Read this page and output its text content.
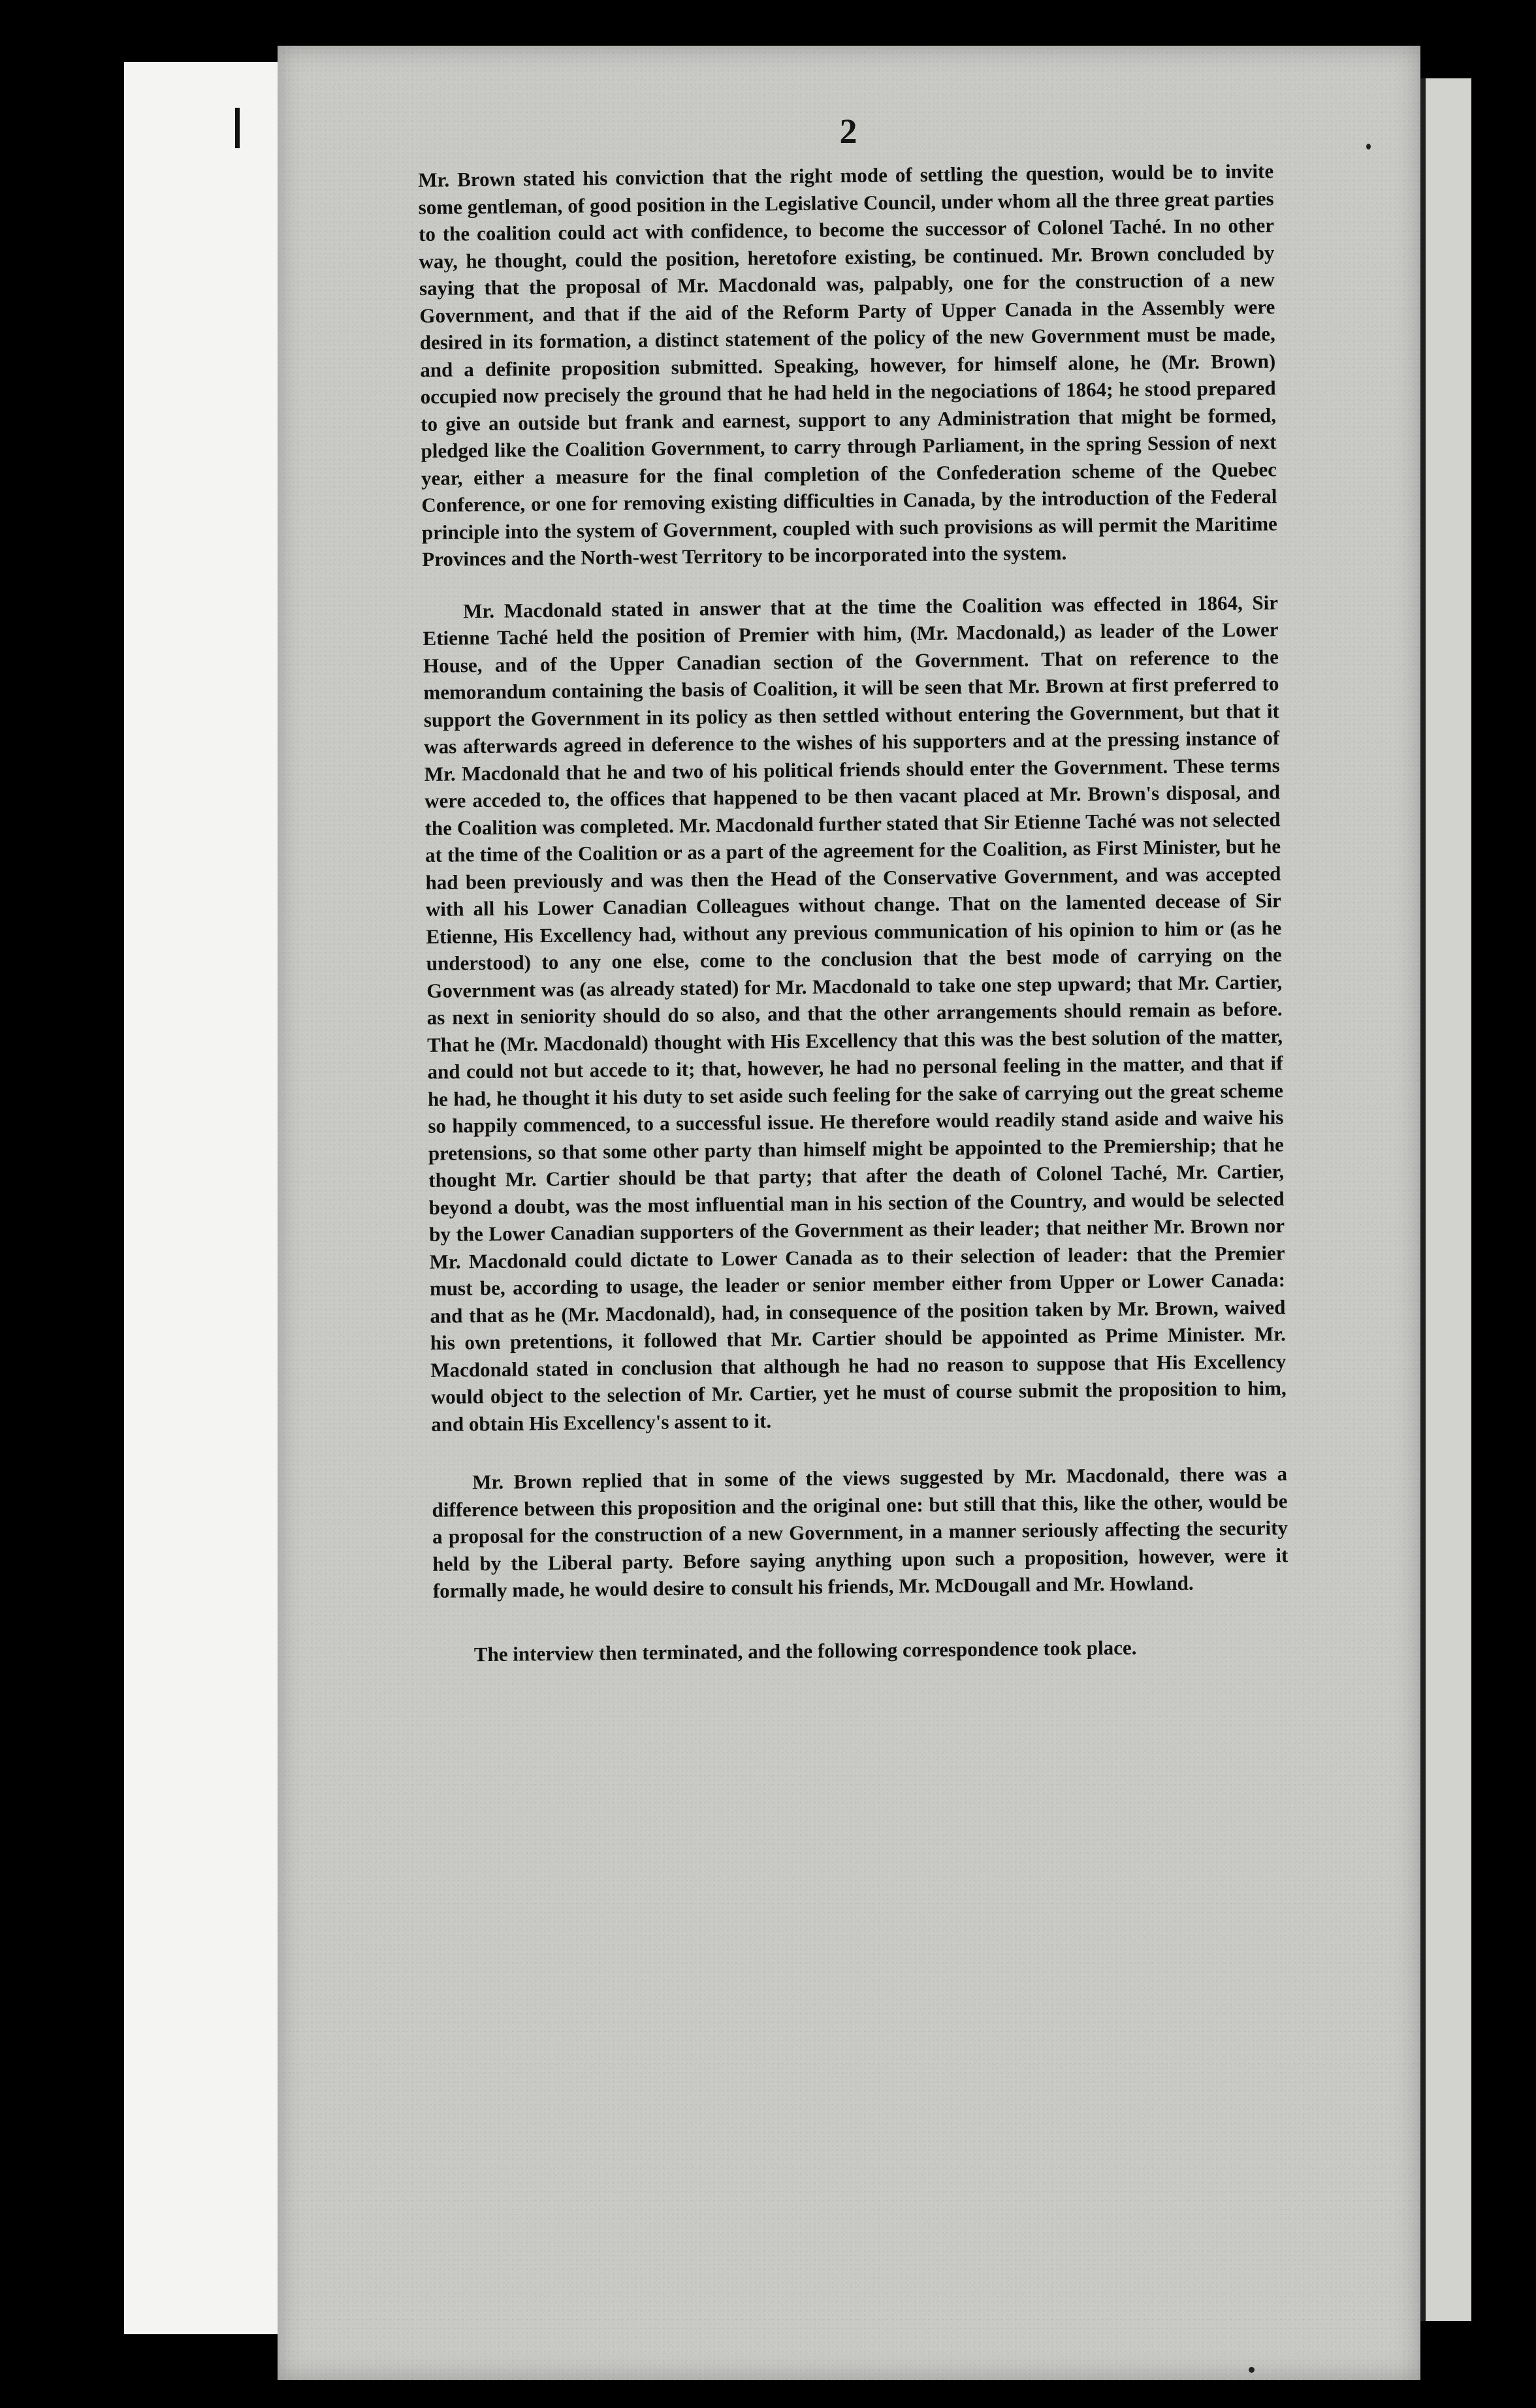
2

Mr. Brown stated his conviction that the right mode of settling the question, would be to invite some gentleman, of good position in the Legislative Council, under whom all the three great parties to the coalition could act with confidence, to become the successor of Colonel Taché. In no other way, he thought, could the position, heretofore existing, be continued. Mr. Brown concluded by saying that the proposal of Mr. Macdonald was, palpably, one for the construction of a new Government, and that if the aid of the Reform Party of Upper Canada in the Assembly were desired in its formation, a distinct statement of the policy of the new Government must be made, and a definite proposition submitted. Speaking, however, for himself alone, he (Mr. Brown) occupied now precisely the ground that he had held in the negociations of 1864; he stood prepared to give an outside but frank and earnest, support to any Administration that might be formed, pledged like the Coalition Government, to carry through Parliament, in the spring Session of next year, either a measure for the final completion of the Confederation scheme of the Quebec Conference, or one for removing existing difficulties in Canada, by the introduction of the Federal principle into the system of Government, coupled with such provisions as will permit the Maritime Provinces and the North-west Territory to be incorporated into the system.

Mr. Macdonald stated in answer that at the time the Coalition was effected in 1864, Sir Etienne Taché held the position of Premier with him, (Mr. Macdonald,) as leader of the Lower House, and of the Upper Canadian section of the Government. That on reference to the memorandum containing the basis of Coalition, it will be seen that Mr. Brown at first preferred to support the Government in its policy as then settled without entering the Government, but that it was afterwards agreed in deference to the wishes of his supporters and at the pressing instance of Mr. Macdonald that he and two of his political friends should enter the Government. These terms were acceded to, the offices that happened to be then vacant placed at Mr. Brown's disposal, and the Coalition was completed. Mr. Macdonald further stated that Sir Etienne Taché was not selected at the time of the Coalition or as a part of the agreement for the Coalition, as First Minister, but he had been previously and was then the Head of the Conservative Government, and was accepted with all his Lower Canadian Colleagues without change. That on the lamented decease of Sir Etienne, His Excellency had, without any previous communication of his opinion to him or (as he understood) to any one else, come to the conclusion that the best mode of carrying on the Government was (as already stated) for Mr. Macdonald to take one step upward; that Mr. Cartier, as next in seniority should do so also, and that the other arrangements should remain as before. That he (Mr. Macdonald) thought with His Excellency that this was the best solution of the matter, and could not but accede to it; that, however, he had no personal feeling in the matter, and that if he had, he thought it his duty to set aside such feeling for the sake of carrying out the great scheme so happily commenced, to a successful issue. He therefore would readily stand aside and waive his pretensions, so that some other party than himself might be appointed to the Premiership; that he thought Mr. Cartier should be that party; that after the death of Colonel Taché, Mr. Cartier, beyond a doubt, was the most influential man in his section of the Country, and would be selected by the Lower Canadian supporters of the Government as their leader; that neither Mr. Brown nor Mr. Macdonald could dictate to Lower Canada as to their selection of leader: that the Premier must be, according to usage, the leader or senior member either from Upper or Lower Canada: and that as he (Mr. Macdonald), had, in consequence of the position taken by Mr. Brown, waived his own pretentions, it followed that Mr. Cartier should be appointed as Prime Minister. Mr. Macdonald stated in conclusion that although he had no reason to suppose that His Excellency would object to the selection of Mr. Cartier, yet he must of course submit the proposition to him, and obtain His Excellency's assent to it.

Mr. Brown replied that in some of the views suggested by Mr. Macdonald, there was a difference between this proposition and the original one: but still that this, like the other, would be a proposal for the construction of a new Government, in a manner seriously affecting the security held by the Liberal party. Before saying anything upon such a proposition, however, were it formally made, he would desire to consult his friends, Mr. McDougall and Mr. Howland.

The interview then terminated, and the following correspondence took place.
